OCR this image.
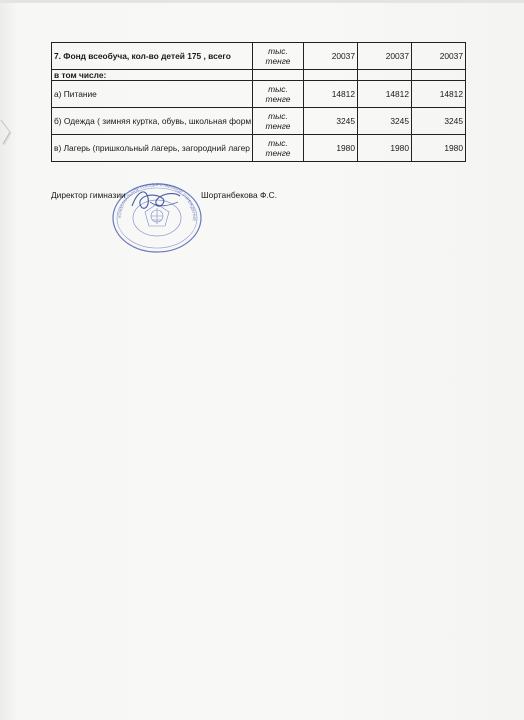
7. Фонд всеобуча, кол-во детей 175 , всего	тыс. тенге	20037	20037	20037
в том числе:				
а) Питание	тыс. тенге	14812	14812	14812
б) Одежда ( зимняя куртка, обувь, школьная форм	тыс. тенге	3245	3245	3245
в) Лагерь (пришкольный лагерь, загородний лагер	тыс. тенге	1980	1980	1980
КОММУНАЛЬНОЕ ГОСУДАРСТВЕННОЕ УЧРЕЖДЕНИЕ
Директор гимназии	Шортанбекова Ф.С.
